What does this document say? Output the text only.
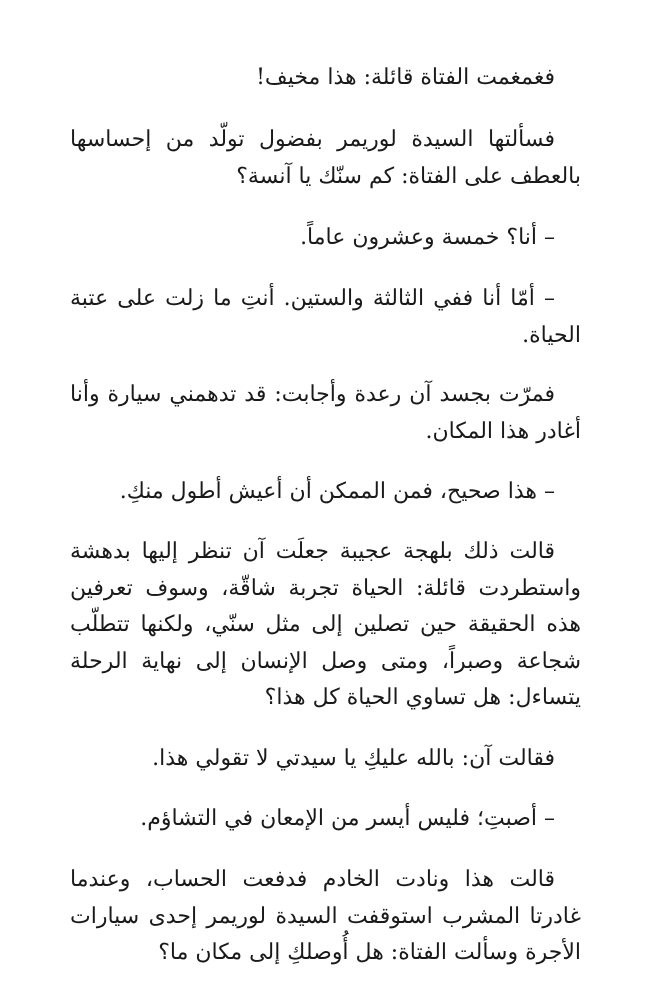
فغمغمت الفتاة قائلة: هذا مخيف!

فسألتها السيدة لوريمر بفضول تولّد من إحساسها بالعطف على الفتاة: كم سنّك يا آنسة؟

– أنا؟ خمسة وعشرون عاماً.

– أمّا أنا ففي الثالثة والستين. أنتِ ما زلت على عتبة الحياة.

فمرّت بجسد آن رعدة وأجابت: قد تدهمني سيارة وأنا أغادر هذا المكان.

– هذا صحيح، فمن الممكن أن أعيش أطول منكِ.

قالت ذلك بلهجة عجيبة جعلَت آن تنظر إليها بدهشة واستطردت قائلة: الحياة تجربة شاقّة، وسوف تعرفين هذه الحقيقة حين تصلين إلى مثل سنّي، ولكنها تتطلّب شجاعة وصبراً، ومتى وصل الإنسان إلى نهاية الرحلة يتساءل: هل تساوي الحياة كل هذا؟

فقالت آن: بالله عليكِ يا سيدتي لا تقولي هذا.

– أصبتِ؛ فليس أيسر من الإمعان في التشاؤم.

قالت هذا ونادت الخادم فدفعت الحساب، وعندما غادرتا المشرب استوقفت السيدة لوريمر إحدى سيارات الأجرة وسألت الفتاة: هل أُوصلكِ إلى مكان ما؟
